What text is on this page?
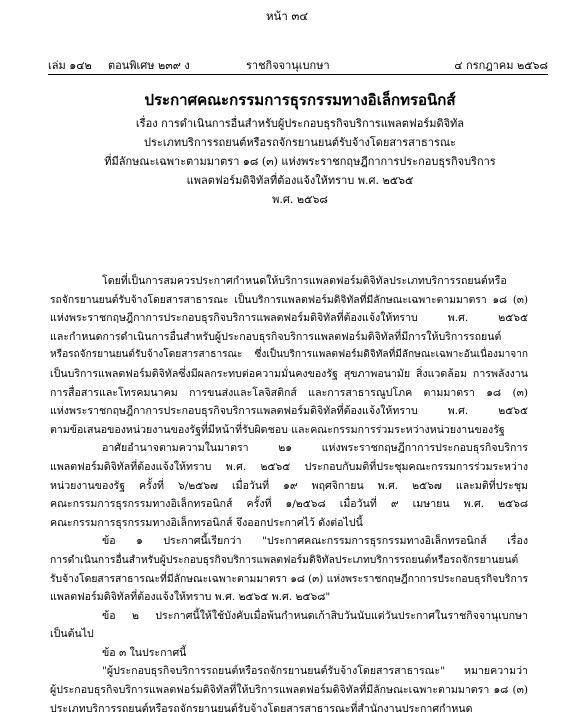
หน้า ๓๔
เล่ม ๑๔๒ ตอนพิเศษ ๒๓๙ ง	ราชกิจจานุเบกษา	๔ กรกฎาคม ๒๕๖๘
ประกาศคณะกรรมการธุรกรรมทางอิเล็กทรอนิกส์
เรื่อง การดำเนินการอื่นสำหรับผู้ประกอบธุรกิจบริการแพลตฟอร์มดิจิทัล
ประเภทบริการรถยนต์หรือรถจักรยานยนต์รับจ้างโดยสารสาธารณะ
ที่มีลักษณะเฉพาะตามมาตรา ๑๘ (๓) แห่งพระราชกฤษฎีกาการประกอบธุรกิจบริการ
แพลตฟอร์มดิจิทัลที่ต้องแจ้งให้ทราบ พ.ศ. ๒๕๖๕
พ.ศ. ๒๕๖๘

โดยที่เป็นการสมควรประกาศกำหนดให้บริการแพลตฟอร์มดิจิทัลประเภทบริการรถยนต์หรือ
รถจักรยานยนต์รับจ้างโดยสารสาธารณะ เป็นบริการแพลตฟอร์มดิจิทัลที่มีลักษณะเฉพาะตามมาตรา ๑๘ (๓)
แห่งพระราชกฤษฎีกาการประกอบธุรกิจบริการแพลตฟอร์มดิจิทัลที่ต้องแจ้งให้ทราบ พ.ศ. ๒๕๖๕
และกำหนดการดำเนินการอื่นสำหรับผู้ประกอบธุรกิจบริการแพลตฟอร์มดิจิทัลที่มีการให้บริการรถยนต์
หรือรถจักรยานยนต์รับจ้างโดยสารสาธารณะ ซึ่งเป็นบริการแพลตฟอร์มดิจิทัลที่มีลักษณะเฉพาะอันเนื่องมาจาก
เป็นบริการแพลตฟอร์มดิจิทัลซึ่งมีผลกระทบต่อความมั่นคงของรัฐ สุขภาพอนามัย สิ่งแวดล้อม การพลังงาน
การสื่อสารและโทรคมนาคม การขนส่งและโลจิสติกส์ และการสาธารณูปโภค ตามมาตรา ๑๘ (๓)
แห่งพระราชกฤษฎีกาการประกอบธุรกิจบริการแพลตฟอร์มดิจิทัลที่ต้องแจ้งให้ทราบ พ.ศ. ๒๕๖๕
ตามข้อเสนอของหน่วยงานของรัฐที่มีหน้าที่รับผิดชอบ และคณะกรรมการร่วมระหว่างหน่วยงานของรัฐ

อาศัยอำนาจตามความในมาตรา ๒๑ แห่งพระราชกฤษฎีกาการประกอบธุรกิจบริการ
แพลตฟอร์มดิจิทัลที่ต้องแจ้งให้ทราบ พ.ศ. ๒๕๖๕ ประกอบกับมติที่ประชุมคณะกรรมการร่วมระหว่าง
หน่วยงานของรัฐ ครั้งที่ ๖/๒๕๖๗ เมื่อวันที่ ๑๙ พฤศจิกายน พ.ศ. ๒๕๖๗ และมติที่ประชุม
คณะกรรมการธุรกรรมทางอิเล็กทรอนิกส์ ครั้งที่ ๑/๒๕๖๘ เมื่อวันที่ ๙ เมษายน พ.ศ. ๒๕๖๘
คณะกรรมการธุรกรรมทางอิเล็กทรอนิกส์ จึงออกประกาศไว้ ดังต่อไปนี้

ข้อ ๑ ประกาศนี้เรียกว่า "ประกาศคณะกรรมการธุรกรรมทางอิเล็กทรอนิกส์ เรื่อง
การดำเนินการอื่นสำหรับผู้ประกอบธุรกิจบริการแพลตฟอร์มดิจิทัลประเภทบริการรถยนต์หรือรถจักรยานยนต์
รับจ้างโดยสารสาธารณะที่มีลักษณะเฉพาะตามมาตรา ๑๘ (๓) แห่งพระราชกฤษฎีกาการประกอบธุรกิจบริการ
แพลตฟอร์มดิจิทัลที่ต้องแจ้งให้ทราบ พ.ศ. ๒๕๖๕ พ.ศ. ๒๕๖๘"

ข้อ ๒ ประกาศนี้ให้ใช้บังคับเมื่อพ้นกำหนดเก้าสิบวันนับแต่วันประกาศในราชกิจจานุเบกษา
เป็นต้นไป

ข้อ ๓ ในประกาศนี้

"ผู้ประกอบธุรกิจบริการรถยนต์หรือรถจักรยานยนต์รับจ้างโดยสารสาธารณะ" หมายความว่า
ผู้ประกอบธุรกิจบริการแพลตฟอร์มดิจิทัลที่ให้บริการแพลตฟอร์มดิจิทัลที่มีลักษณะเฉพาะตามมาตรา ๑๘ (๓)
ประเภทบริการรถยนต์หรือรถจักรยานยนต์รับจ้างโดยสารสาธารณะที่สำนักงานประกาศกำหนด
